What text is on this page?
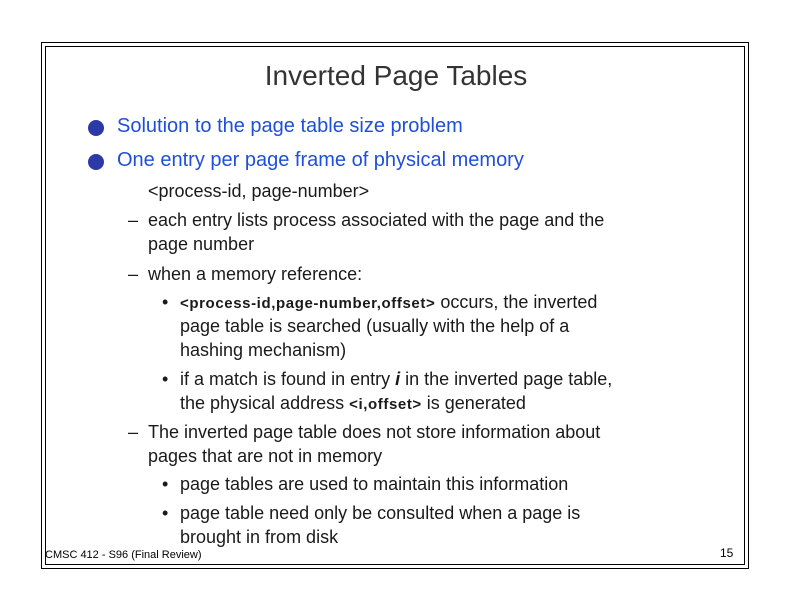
Inverted Page Tables
Solution to the page table size problem
One entry per page frame of physical memory
<process-id, page-number>
– each entry lists process associated with the page and the
page number
– when a memory reference:
• <process-id,page-number,offset> occurs, the inverted
page table is searched (usually with the help of a
hashing mechanism)
• if a match is found in entry i in the inverted page table,
the physical address <i,offset> is generated
– The inverted page table does not store information about
pages that are not in memory
• page tables are used to maintain this information
• page table need only be consulted when a page is
brought in from disk
CMSC 412 - S96 (Final Review)	15
